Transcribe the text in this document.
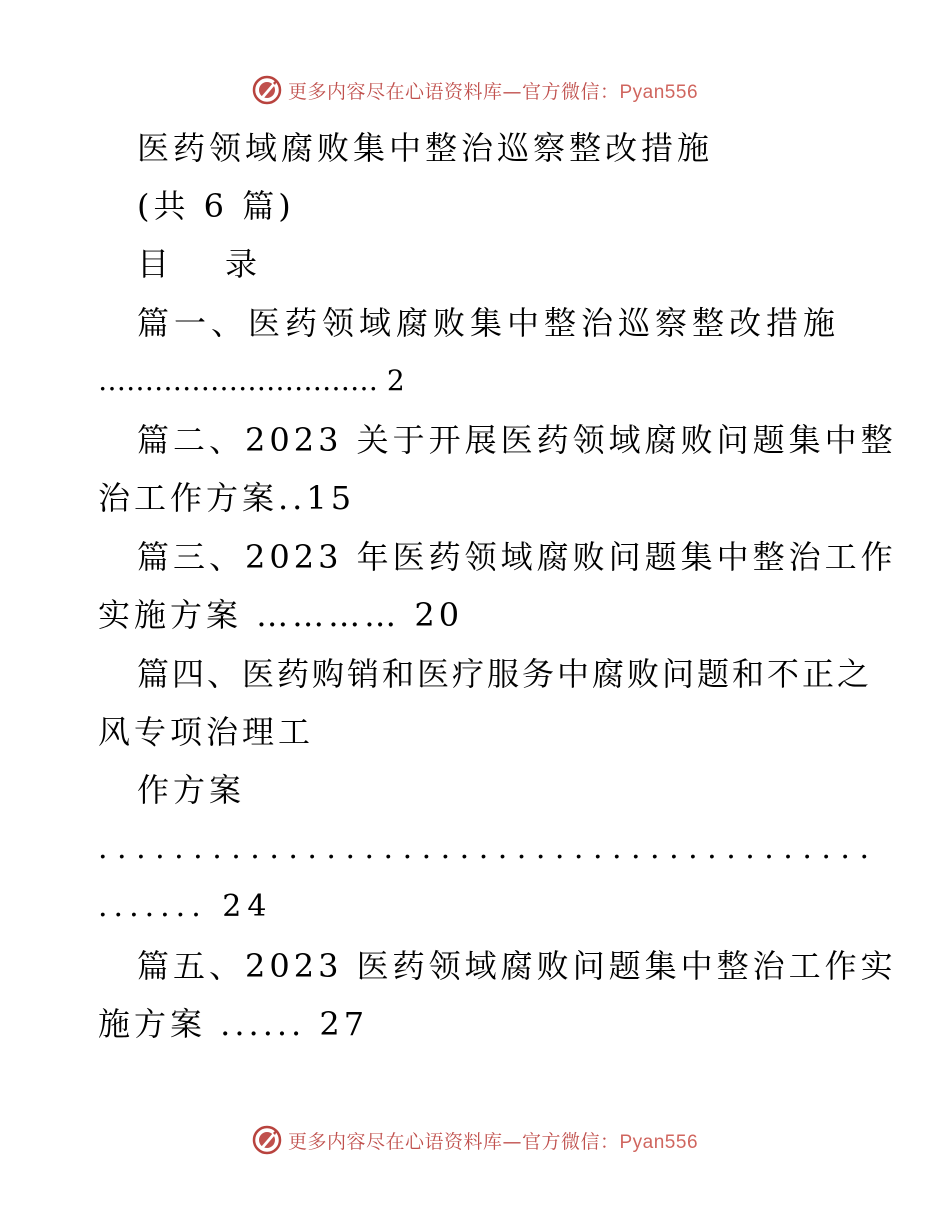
更多内容尽在心语资料库—官方微信：Pyan556
医药领域腐败集中整治巡察整改措施
(共 6 篇)
目　录
篇一、医药领域腐败集中整治巡察整改措施
………………………… 2
篇二、2023 关于开展医药领域腐败问题集中整
治工作方案..15
篇三、2023 年医药领域腐败问题集中整治工作
实施方案 ………… 20
篇四、医药购销和医疗服务中腐败问题和不正之
风专项治理工
作方案
.........................................
....... 24
篇五、2023 医药领域腐败问题集中整治工作实
施方案 ...... 27
更多内容尽在心语资料库—官方微信：Pyan556
